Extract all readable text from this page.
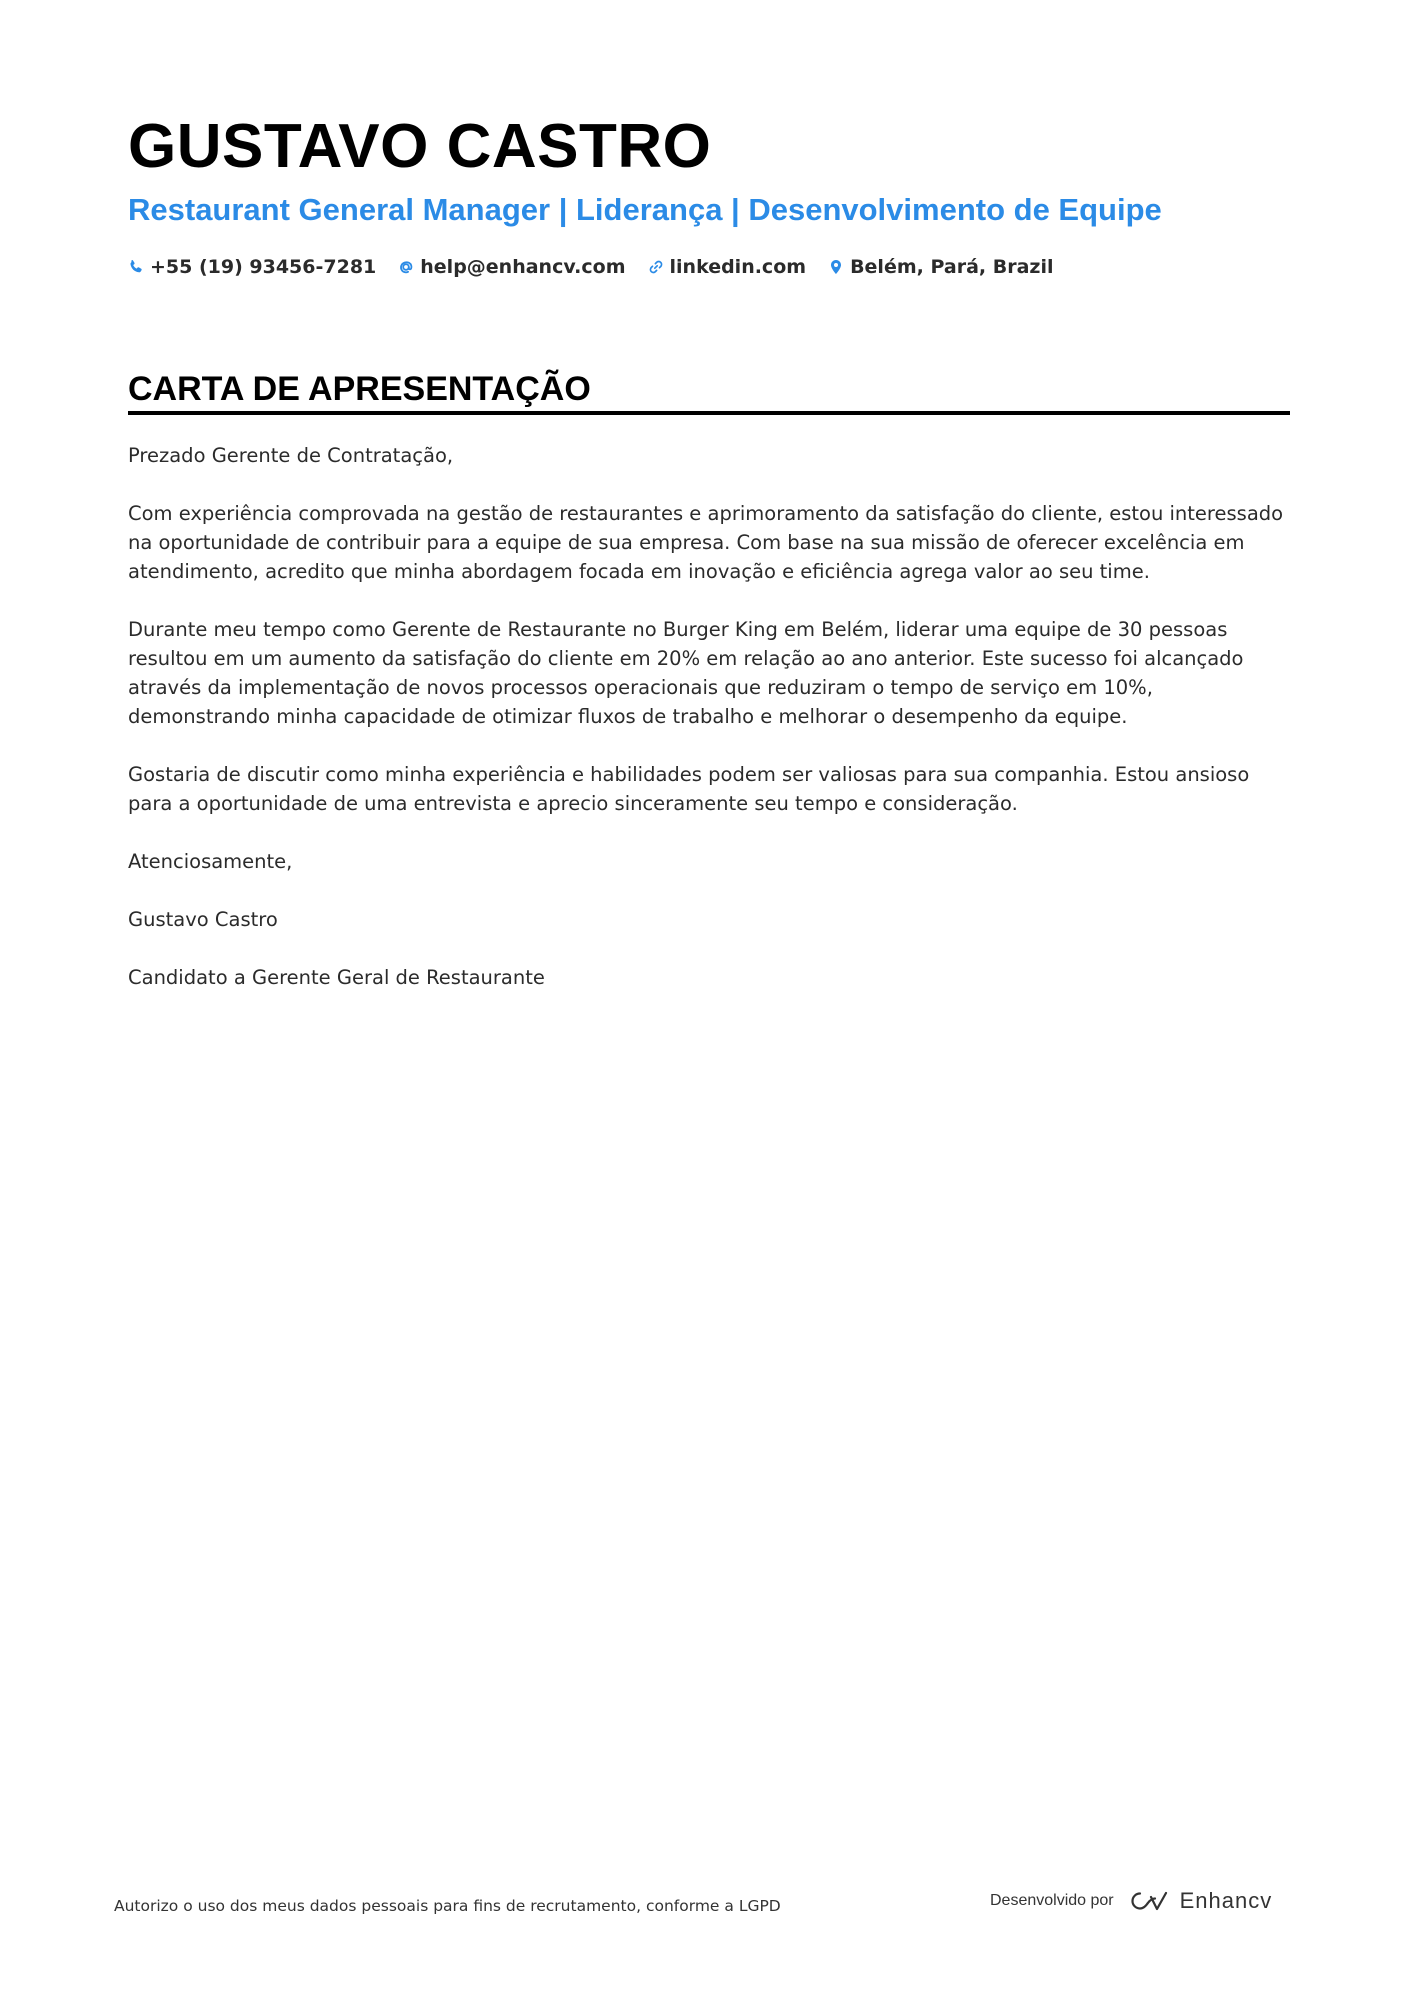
GUSTAVO CASTRO
Restaurant General Manager | Liderança | Desenvolvimento de Equipe
+55 (19) 93456-7281 help@enhancv.com linkedin.com Belém, Pará, Brazil
CARTA DE APRESENTAÇÃO

Prezado Gerente de Contratação,

Com experiência comprovada na gestão de restaurantes e aprimoramento da satisfação do cliente, estou interessado na oportunidade de contribuir para a equipe de sua empresa. Com base na sua missão de oferecer excelência em atendimento, acredito que minha abordagem focada em inovação e eficiência agrega valor ao seu time.

Durante meu tempo como Gerente de Restaurante no Burger King em Belém, liderar uma equipe de 30 pessoas resultou em um aumento da satisfação do cliente em 20% em relação ao ano anterior. Este sucesso foi alcançado através da implementação de novos processos operacionais que reduziram o tempo de serviço em 10%, demonstrando minha capacidade de otimizar fluxos de trabalho e melhorar o desempenho da equipe.

Gostaria de discutir como minha experiência e habilidades podem ser valiosas para sua companhia. Estou ansioso para a oportunidade de uma entrevista e aprecio sinceramente seu tempo e consideração.

Atenciosamente,

Gustavo Castro

Candidato a Gerente Geral de Restaurante

Autorizo o uso dos meus dados pessoais para fins de recrutamento, conforme a LGPD	Desenvolvido por	Enhancv
